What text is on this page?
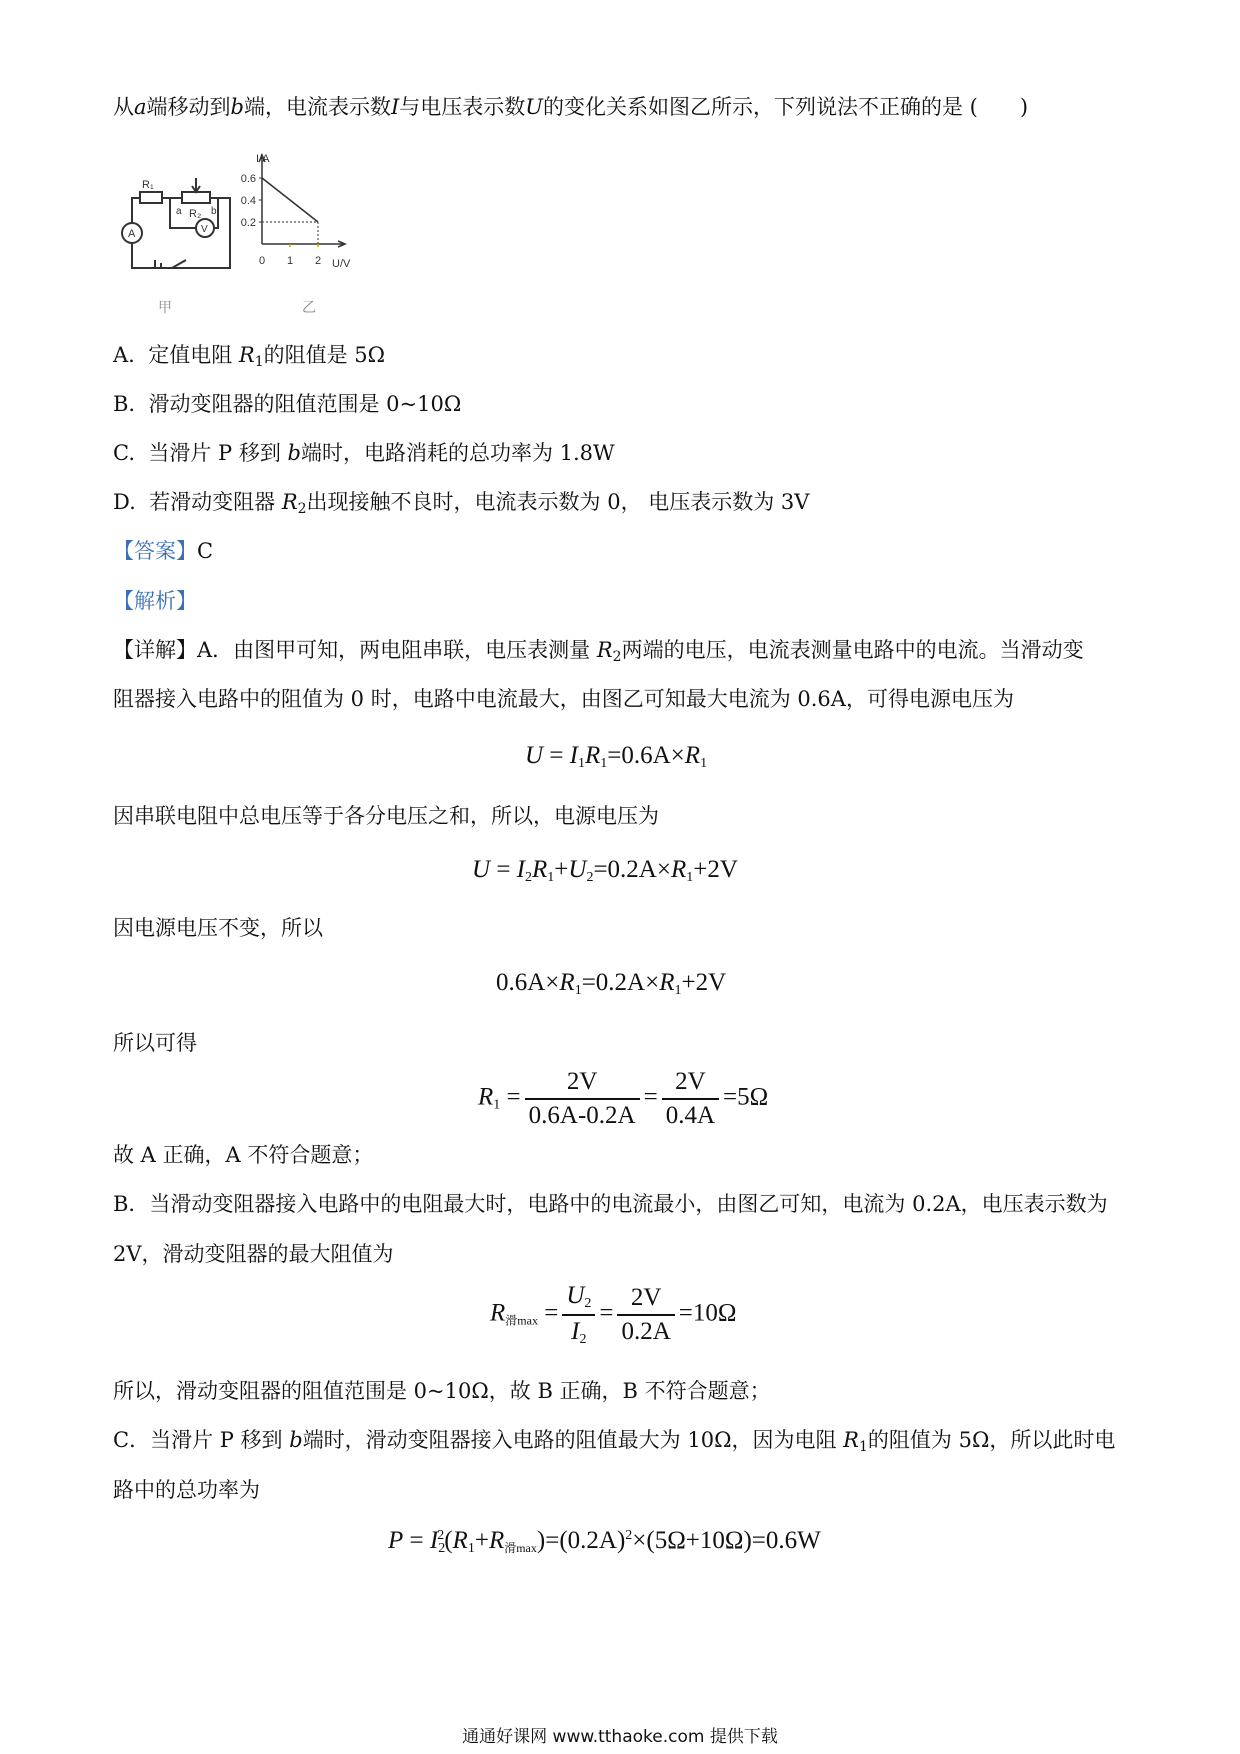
从a端移动到b端，电流表示数I与电压表示数U的变化关系如图乙所示，下列说法不正确的是 (　　)
R₁
R₂
a	b
A	V
甲
0.2
0.4
0.6
0 1 2
I/A
U/V
乙
A. 定值电阻 $R_1$的阻值是 5Ω
B. 滑动变阻器的阻值范围是 0~10Ω
C. 当滑片 P 移到 b端时，电路消耗的总功率为 1.8W
D. 若滑动变阻器 $R_2$出现接触不良时，电流表示数为 0， 电压表示数为 3V
【答案】C
【解析】
【详解】A．由图甲可知，两电阻串联，电压表测量 $R_2$两端的电压，电流表测量电路中的电流。当滑动变
阻器接入电路中的阻值为 0 时，电路中电流最大，由图乙可知最大电流为 0.6A，可得电源电压为
$U = I_1R_1=0.6A\times R_1$
因串联电阻中总电压等于各分电压之和，所以，电源电压为
$U = I_2R_1+U_2=0.2A\times R_1+2V$
因电源电压不变，所以
$0.6A\times R_1=0.2A\times R_1+2V$
所以可得
$R_1 = \frac{2V}{0.6A-0.2A} = \frac{2V}{0.4A} =5\Omega$
故 A 正确，A 不符合题意；
B．当滑动变阻器接入电路中的电阻最大时，电路中的电流最小，由图乙可知，电流为 0.2A，电压表示数为
2V，滑动变阻器的最大阻值为
$R_{滑max} = \frac{U_2}{I_2} = \frac{2V}{0.2A} =10\Omega$
所以，滑动变阻器的阻值范围是 0~10Ω，故 B 正确，B 不符合题意；
C．当滑片 P 移到 b端时，滑动变阻器接入电路的阻值最大为 10Ω，因为电阻 $R_1$的阻值为 5Ω，所以此时电
路中的总功率为
$P = I_2^2(R_1+R_{滑max})=(0.2A)^2\times(5\Omega+10\Omega)=0.6W$
通通好课网 www.tthaoke.com 提供下载
